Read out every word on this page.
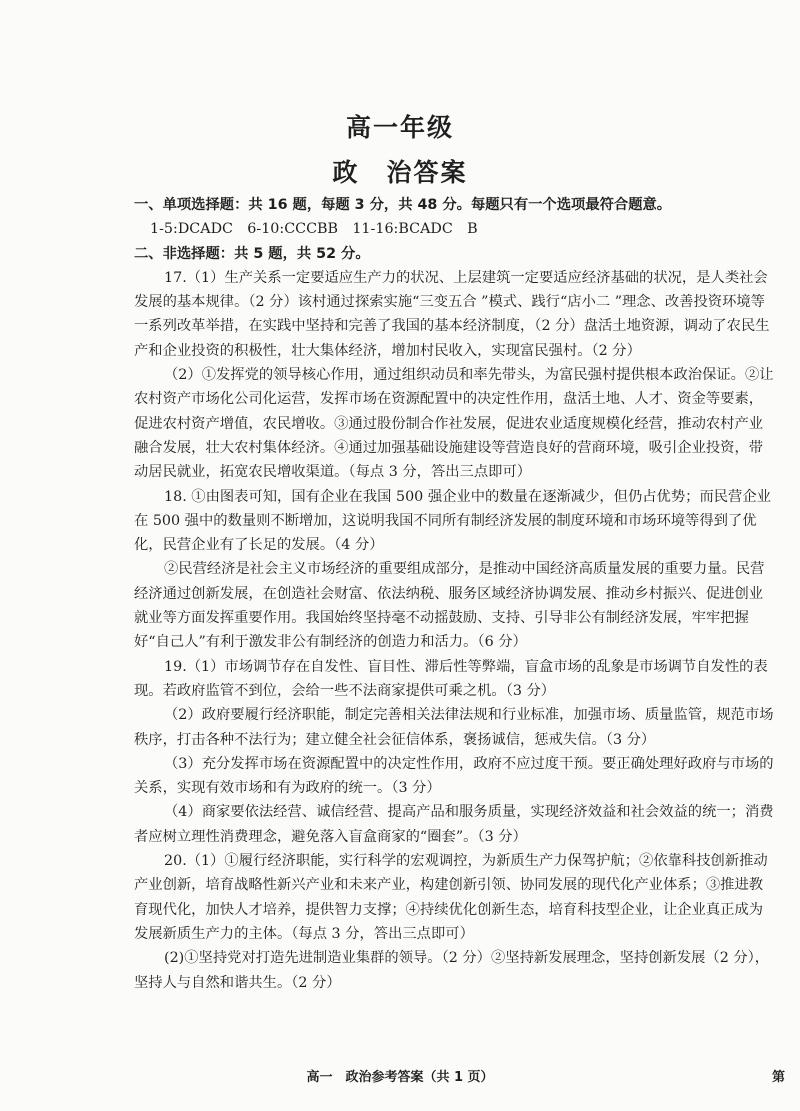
高一年级
政　治答案

一、单项选择题：共 16 题，每题 3 分，共 48 分。每题只有一个选项最符合题意。

1-5:DCADC　6-10:CCCBB　11-16:BCADC　B

二、非选择题：共 5 题，共 52 分。

17.（1）生产关系一定要适应生产力的状况、上层建筑一定要适应经济基础的状况，是人类社会发展的基本规律。（2 分）该村通过探索实施“三变五合 ”模式、践行“店小二 ”理念、改善投资环境等一系列改革举措，在实践中坚持和完善了我国的基本经济制度，（2 分）盘活土地资源，调动了农民生产和企业投资的积极性，壮大集体经济，增加村民收入，实现富民强村。（2 分）

（2）①发挥党的领导核心作用，通过组织动员和率先带头，为富民强村提供根本政治保证。②让农村资产市场化公司化运营，发挥市场在资源配置中的决定性作用，盘活土地、人才、资金等要素，促进农村资产增值，农民增收。③通过股份制合作社发展，促进农业适度规模化经营，推动农村产业融合发展，壮大农村集体经济。④通过加强基础设施建设等营造良好的营商环境，吸引企业投资，带动居民就业，拓宽农民增收渠道。（每点 3 分，答出三点即可）

18. ①由图表可知，国有企业在我国 500 强企业中的数量在逐渐减少，但仍占优势；而民营企业在 500 强中的数量则不断增加，这说明我国不同所有制经济发展的制度环境和市场环境等得到了优化，民营企业有了长足的发展。（4 分）

②民营经济是社会主义市场经济的重要组成部分，是推动中国经济高质量发展的重要力量。民营经济通过创新发展，在创造社会财富、依法纳税、服务区域经济协调发展、推动乡村振兴、促进创业就业等方面发挥重要作用。我国始终坚持毫不动摇鼓励、支持、引导非公有制经济发展，牢牢把握好“自己人”有利于激发非公有制经济的创造力和活力。（6 分）

19.（1）市场调节存在自发性、盲目性、滞后性等弊端，盲盒市场的乱象是市场调节自发性的表现。若政府监管不到位，会给一些不法商家提供可乘之机。（3 分）

（2）政府要履行经济职能，制定完善相关法律法规和行业标准，加强市场、质量监管，规范市场秩序，打击各种不法行为；建立健全社会征信体系，褒扬诚信，惩戒失信。（3 分）

（3）充分发挥市场在资源配置中的决定性作用，政府不应过度干预。要正确处理好政府与市场的关系，实现有效市场和有为政府的统一。（3 分）

（4）商家要依法经营、诚信经营、提高产品和服务质量，实现经济效益和社会效益的统一；消费者应树立理性消费理念，避免落入盲盒商家的“圈套”。（3 分）

20.（1）①履行经济职能，实行科学的宏观调控，为新质生产力保驾护航；②依靠科技创新推动产业创新，培育战略性新兴产业和未来产业，构建创新引领、协同发展的现代化产业体系；③推进教育现代化，加快人才培养，提供智力支撑；④持续优化创新生态，培育科技型企业，让企业真正成为发展新质生产力的主体。（每点 3 分，答出三点即可）

(2)①坚持党对打造先进制造业集群的领导。（2 分）②坚持新发展理念，坚持创新发展（2 分），坚持人与自然和谐共生。（2 分）

高一　政治参考答案（共 1 页）	第
